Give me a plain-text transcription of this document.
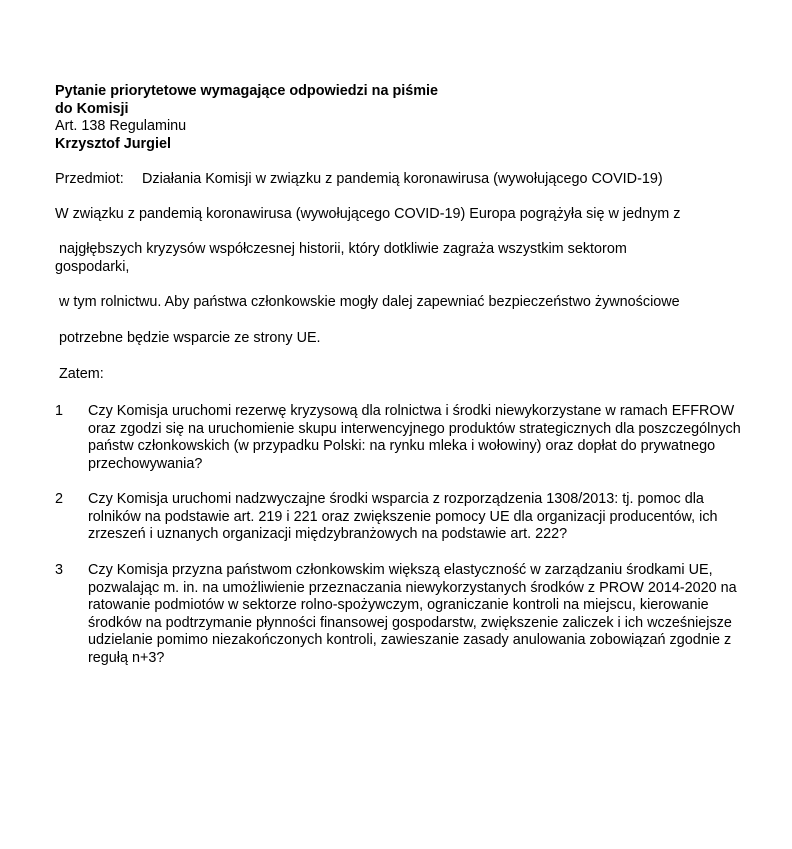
Pytanie priorytetowe wymagające odpowiedzi na piśmie
do Komisji
Art. 138 Regulaminu
Krzysztof Jurgiel
Przedmiot: Działania Komisji w związku z pandemią koronawirusa (wywołującego COVID-19)
W związku z pandemią koronawirusa (wywołującego COVID-19) Europa pogrążyła się w jednym z
najgłębszych kryzysów współczesnej historii, który dotkliwie zagraża wszystkim sektorom gospodarki,
w tym rolnictwu. Aby państwa członkowskie mogły dalej zapewniać bezpieczeństwo żywnościowe
potrzebne będzie wsparcie ze strony UE.
Zatem:
1 Czy Komisja uruchomi rezerwę kryzysową dla rolnictwa i środki niewykorzystane w ramach EFFROW oraz zgodzi się na uruchomienie skupu interwencyjnego produktów strategicznych dla poszczególnych państw członkowskich (w przypadku Polski: na rynku mleka i wołowiny) oraz dopłat do prywatnego przechowywania?
2 Czy Komisja uruchomi nadzwyczajne środki wsparcia z rozporządzenia 1308/2013: tj. pomoc dla rolników na podstawie art. 219 i 221 oraz zwiększenie pomocy UE dla organizacji producentów, ich zrzeszeń i uznanych organizacji międzybranżowych na podstawie art. 222?
3 Czy Komisja przyzna państwom członkowskim większą elastyczność w zarządzaniu środkami UE, pozwalając m. in. na umożliwienie przeznaczania niewykorzystanych środków z PROW 2014-2020 na ratowanie podmiotów w sektorze rolno-spożywczym, ograniczanie kontroli na miejscu, kierowanie środków na podtrzymanie płynności finansowej gospodarstw, zwiększenie zaliczek i ich wcześniejsze udzielanie pomimo niezakończonych kontroli, zawieszanie zasady anulowania zobowiązań zgodnie z regułą n+3?
